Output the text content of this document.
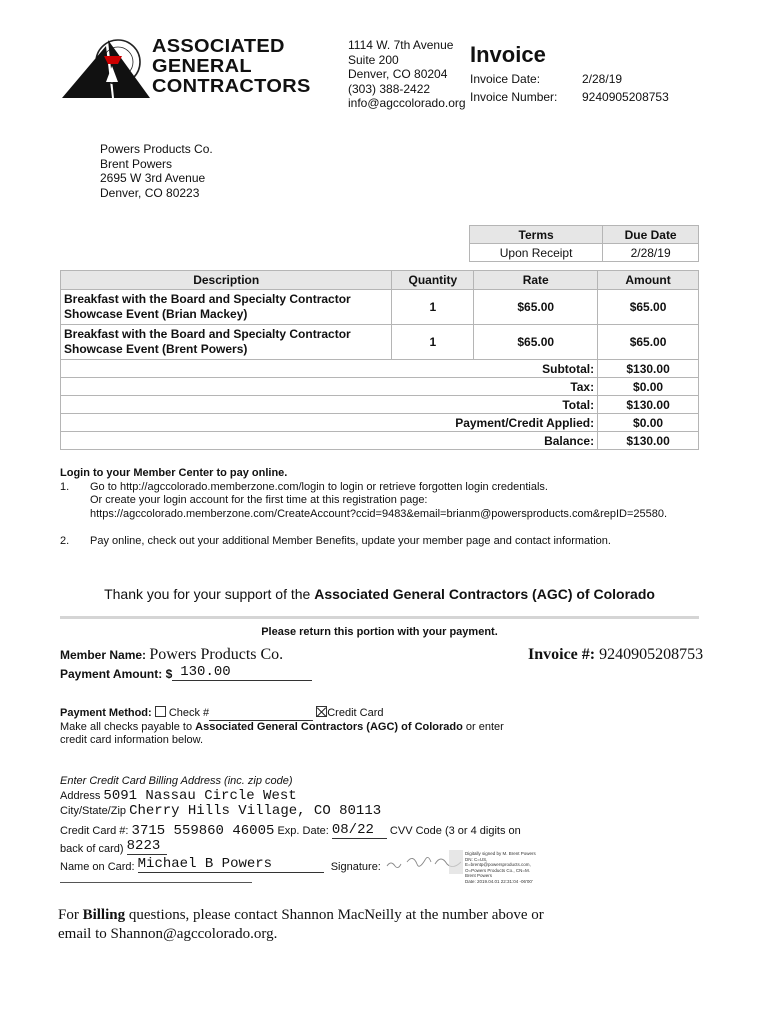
ASSOCIATED
GENERAL
CONTRACTORS
1114 W. 7th Avenue
Suite 200
Denver, CO 80204
(303) 388-2422
info@agccolorado.org
Invoice
Invoice Date:	2/28/19
Invoice Number: 9240905208753
Powers Products Co.
Brent Powers
2695 W 3rd Avenue
Denver, CO 80223
Terms	Due Date
Upon Receipt	2/28/19
Description	Quantity	Rate	Amount

Breakfast with the Board and Specialty Contractor
Showcase Event (Brian Mackey)	1	$65.00	$65.00

Breakfast with the Board and Specialty Contractor
Showcase Event (Brent Powers)	1	$65.00	$65.00
Subtotal:			$130.00
Tax:			$0.00
Total:			$130.00
Payment/Credit Applied:			$0.00
Balance:			$130.00
Login to your Member Center to pay online.
1. Go to http://agccolorado.memberzone.com/login to login or retrieve forgotten login credentials.
Or create your login account for the first time at this registration page:
https://agccolorado.memberzone.com/CreateAccount?ccid=9483&email=brianm@powersproducts.com&repID=25580.
2. Pay online, check out your additional Member Benefits, update your member page and contact information.
Thank you for your support of the Associated General Contractors (AGC) of Colorado
Please return this portion with your payment.
Member Name: Powers Products Co.	Invoice #: 9240905208753
Payment Amount: $ 130.00
Payment Method: Check #	Credit Card
Make all checks payable to Associated General Contractors (AGC) of Colorado or enter
credit card information below.
Enter Credit Card Billing Address (inc. zip code)
Address 5091 Nassau Circle West
City/State/Zip Cherry Hills Village, CO 80113
Credit Card #: 3715 559860 46005 Exp. Date: 08/22 CVV Code (3 or 4 digits on
back of card) 8223
Name on Card: Michael B Powers	Signature:
Digitally signed by M. Brent Powers
DN: C=US,
E=brentp@powersproducts.com,
O=Powers Products Co., CN=M.
Brent Powers
Date: 2019.04.01 22:31:04 -06'00'
For Billing questions, please contact Shannon MacNeilly at the number above or
email to Shannon@agccolorado.org.
